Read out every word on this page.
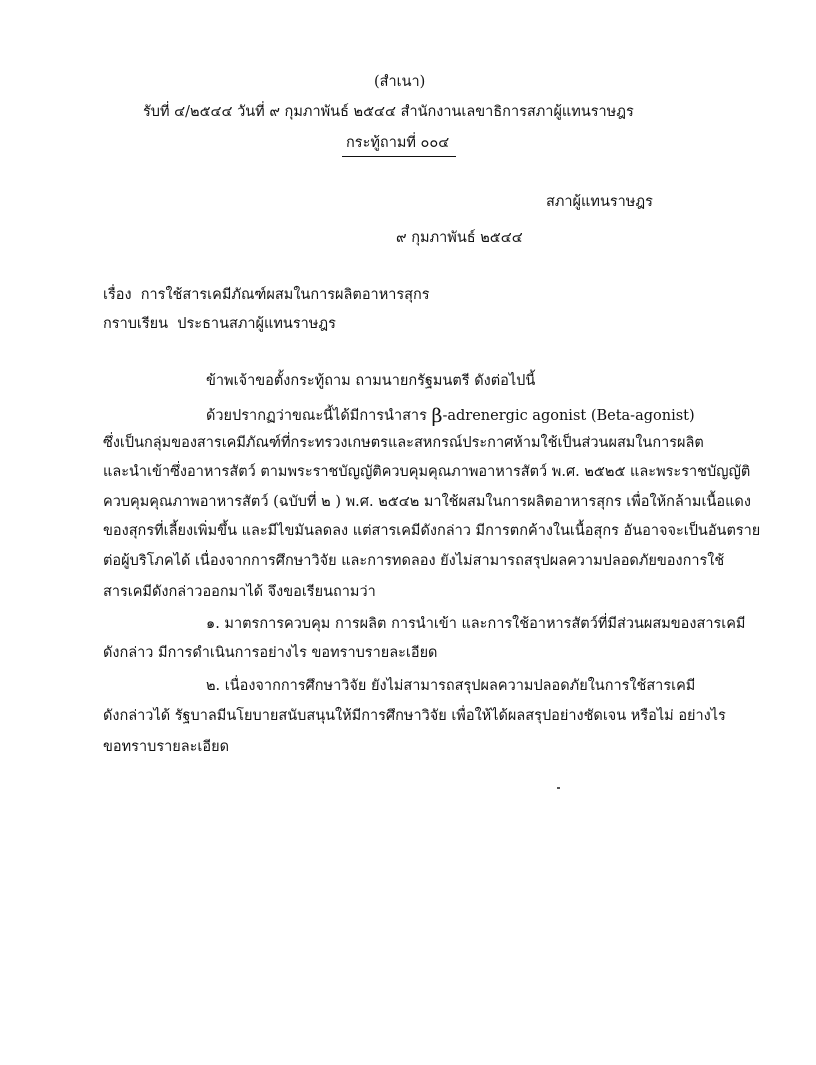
(สำเนา)
รับที่ ๔/๒๕๔๔ วันที่ ๙ กุมภาพันธ์ ๒๕๔๔ สำนักงานเลขาธิการสภาผู้แทนราษฎร
กระทู้ถามที่ ๐๐๔
สภาผู้แทนราษฎร
๙ กุมภาพันธ์ ๒๕๔๔
เรื่อง การใช้สารเคมีภัณฑ์ผสมในการผลิตอาหารสุกร
กราบเรียน ประธานสภาผู้แทนราษฎร
ข้าพเจ้าขอตั้งกระทู้ถาม ถามนายกรัฐมนตรี ดังต่อไปนี้
ด้วยปรากฏว่าขณะนี้ได้มีการนำสาร β-adrenergic agonist (Beta-agonist)
ซึ่งเป็นกลุ่มของสารเคมีภัณฑ์ที่กระทรวงเกษตรและสหกรณ์ประกาศห้ามใช้เป็นส่วนผสมในการผลิต
และนำเข้าซึ่งอาหารสัตว์ ตามพระราชบัญญัติควบคุมคุณภาพอาหารสัตว์ พ.ศ. ๒๕๒๕ และพระราชบัญญัติ
ควบคุมคุณภาพอาหารสัตว์ (ฉบับที่ ๒ ) พ.ศ. ๒๕๔๒ มาใช้ผสมในการผลิตอาหารสุกร เพื่อให้กล้ามเนื้อแดง
ของสุกรที่เลี้ยงเพิ่มขึ้น และมีไขมันลดลง แต่สารเคมีดังกล่าว มีการตกค้างในเนื้อสุกร อันอาจจะเป็นอันตราย
ต่อผู้บริโภคได้ เนื่องจากการศึกษาวิจัย และการทดลอง ยังไม่สามารถสรุปผลความปลอดภัยของการใช้
สารเคมีดังกล่าวออกมาได้ จึงขอเรียนถามว่า
๑. มาตรการควบคุม การผลิต การนำเข้า และการใช้อาหารสัตว์ที่มีส่วนผสมของสารเคมี
ดังกล่าว มีการดำเนินการอย่างไร ขอทราบรายละเอียด
๒. เนื่องจากการศึกษาวิจัย ยังไม่สามารถสรุปผลความปลอดภัยในการใช้สารเคมี
ดังกล่าวได้ รัฐบาลมีนโยบายสนับสนุนให้มีการศึกษาวิจัย เพื่อให้ได้ผลสรุปอย่างชัดเจน หรือไม่ อย่างไร
ขอทราบรายละเอียด
